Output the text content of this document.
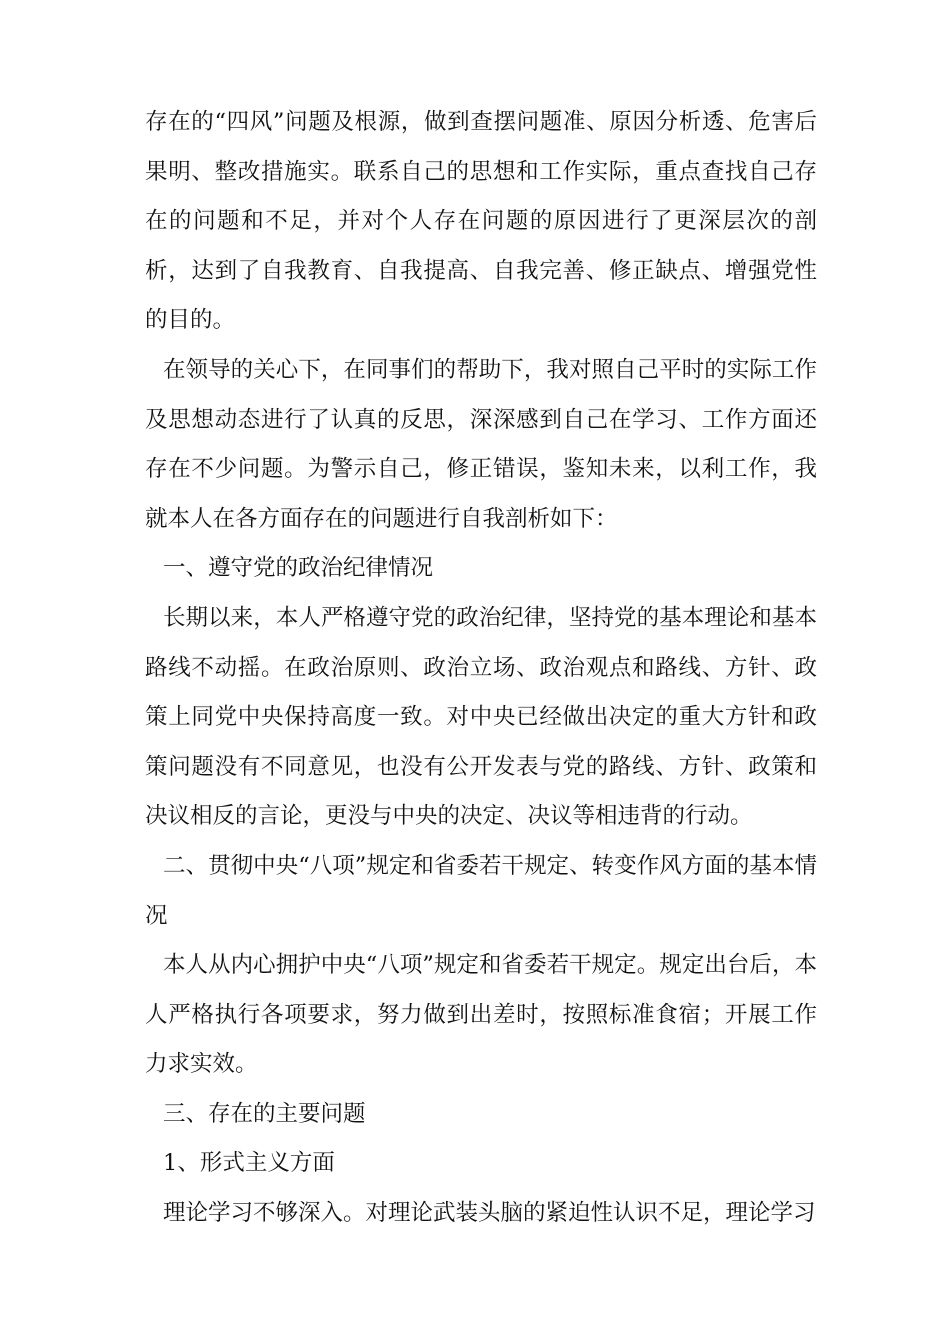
存在的“四风”问题及根源，做到查摆问题准、原因分析透、危害后果明、整改措施实。联系自己的思想和工作实际，重点查找自己存在的问题和不足，并对个人存在问题的原因进行了更深层次的剖析，达到了自我教育、自我提高、自我完善、修正缺点、增强党性的目的。

在领导的关心下，在同事们的帮助下，我对照自己平时的实际工作及思想动态进行了认真的反思，深深感到自己在学习、工作方面还存在不少问题。为警示自己，修正错误，鉴知未来，以利工作，我就本人在各方面存在的问题进行自我剖析如下：

一、遵守党的政治纪律情况

长期以来，本人严格遵守党的政治纪律，坚持党的基本理论和基本路线不动摇。在政治原则、政治立场、政治观点和路线、方针、政策上同党中央保持高度一致。对中央已经做出决定的重大方针和政策问题没有不同意见，也没有公开发表与党的路线、方针、政策和决议相反的言论，更没与中央的决定、决议等相违背的行动。

二、贯彻中央“八项”规定和省委若干规定、转变作风方面的基本情况

本人从内心拥护中央“八项”规定和省委若干规定。规定出台后，本人严格执行各项要求，努力做到出差时，按照标准食宿；开展工作力求实效。

三、存在的主要问题

1、形式主义方面

理论学习不够深入。对理论武装头脑的紧迫性认识不足，理论学习
